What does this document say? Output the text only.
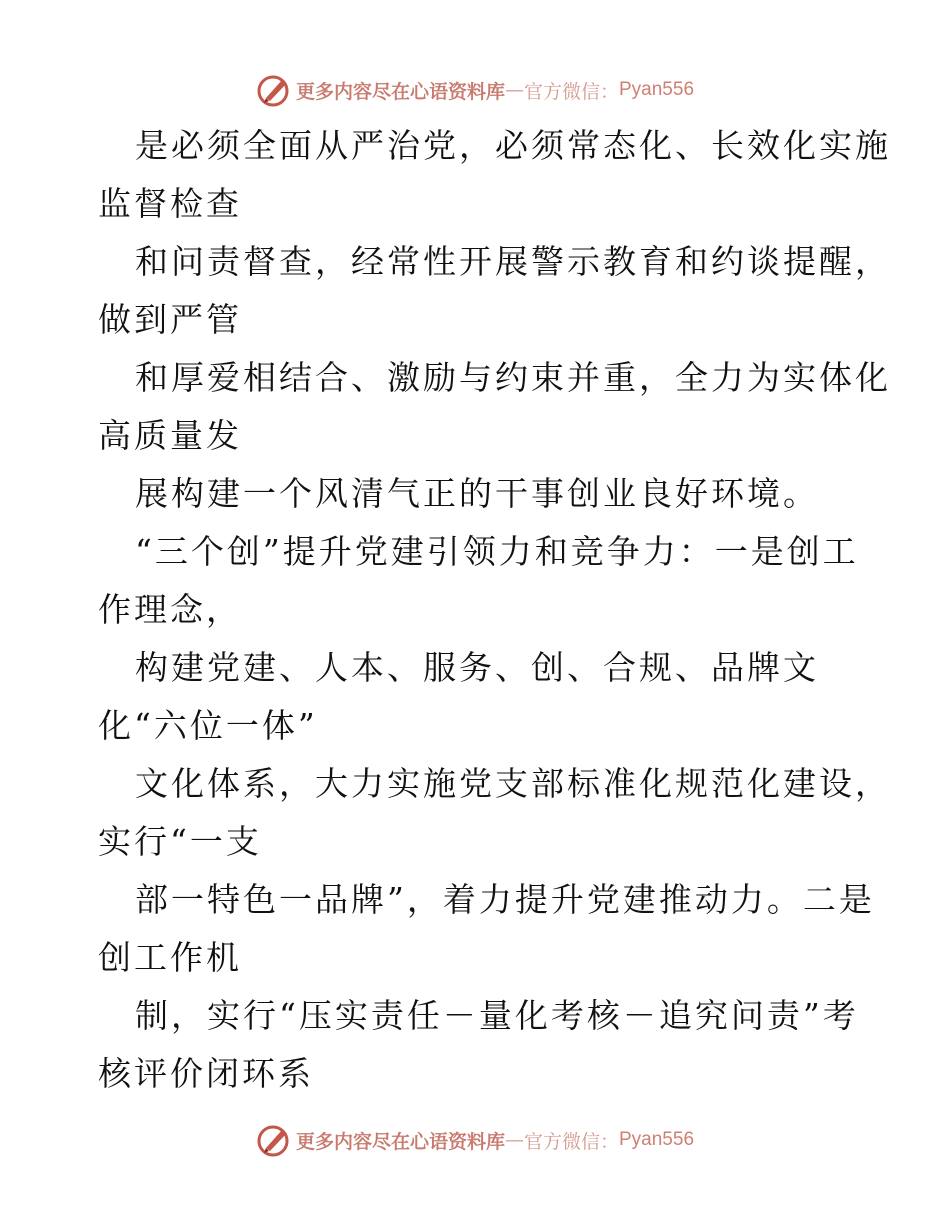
更多内容尽在心语资料库 — 官方微信： Pyan556
是必须全面从严治党，必须常态化、长效化实施
监督检查
和问责督查，经常性开展警示教育和约谈提醒，
做到严管
和厚爱相结合、激励与约束并重，全力为实体化
高质量发
展构建一个风清气正的干事创业良好环境。
“三个创”提升党建引领力和竞争力：一是创工
作理念，
构建党建、人本、服务、创、合规、品牌文
化“六位一体”
文化体系，大力实施党支部标准化规范化建设，
实行“一支
部一特色一品牌”，着力提升党建推动力。二是
创工作机
制，实行“压实责任－量化考核－追究问责”考
核评价闭环系
更多内容尽在心语资料库 — 官方微信： Pyan556
